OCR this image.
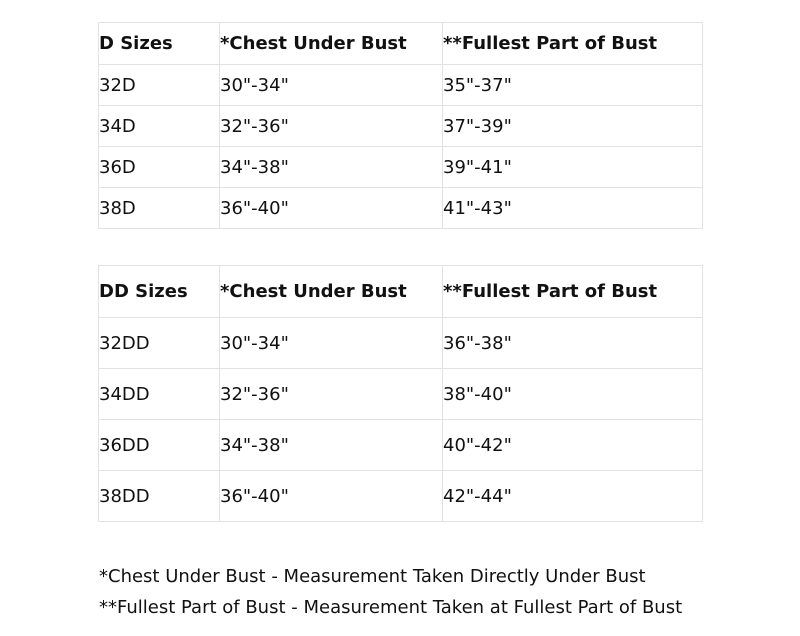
D Sizes	*Chest Under Bust	**Fullest Part of Bust
32D	30"-34"	35"-37"
34D	32"-36"	37"-39"
36D	34"-38"	39"-41"
38D	36"-40"	41"-43"
DD Sizes	*Chest Under Bust	**Fullest Part of Bust
32DD	30"-34"	36"-38"
34DD	32"-36"	38"-40"
36DD	34"-38"	40"-42"
38DD	36"-40"	42"-44"
*Chest Under Bust - Measurement Taken Directly Under Bust
**Fullest Part of Bust - Measurement Taken at Fullest Part of Bust
